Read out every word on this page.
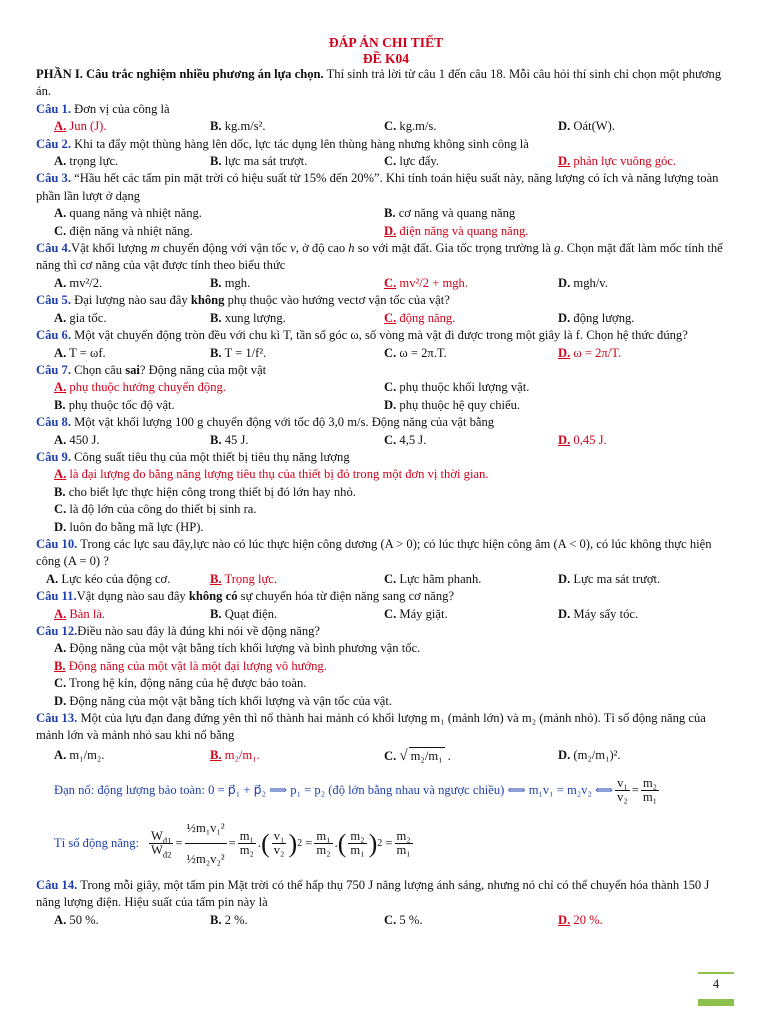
ĐÁP ÁN CHI TIẾT
ĐỀ K04

PHẦN I. Câu trắc nghiệm nhiều phương án lựa chọn. Thí sinh trả lời từ câu 1 đến câu 18. Mỗi câu hỏi thí sinh chỉ chọn một phương án.

Câu 1. Đơn vị của công là

A. Jun (J).	B. kg.m/s².	C. kg.m/s.	D. Oát(W).

Câu 2. Khi ta đẩy một thùng hàng lên dốc, lực tác dụng lên thùng hàng nhưng không sinh công là

A. trọng lực.	B. lực ma sát trượt.	C. lực đẩy.	D. phản lực vuông góc.

Câu 3. “Hầu hết các tấm pin mặt trời có hiệu suất từ 15% đến 20%”. Khi tính toán hiệu suất này, năng lượng có ích và năng lượng toàn phần lần lượt ở dạng

A. quang năng và nhiệt năng.	B. cơ năng và quang năng
C. điện năng và nhiệt năng.	D. điện năng và quang năng.

Câu 4.Vật khối lượng m chuyển động với vận tốc v, ở độ cao h so với mặt đất. Gia tốc trọng trường là g. Chọn mặt đất làm mốc tính thế năng thì cơ năng của vật được tính theo biểu thức

A. mv²/2.	B. mgh.	C. mv²/2 + mgh.	D. mgh/v.

Câu 5. Đại lượng nào sau đây không phụ thuộc vào hướng vectơ vận tốc của vật?

A. gia tốc.	B. xung lượng.	C. động năng.	D. động lượng.

Câu 6. Một vật chuyển động tròn đều với chu kì T, tần số góc ω, số vòng mà vật đi được trong một giây là f. Chọn hệ thức đúng?

A. T = ωf.	B. T = 1/f².	C. ω = 2π.T.	D. ω = 2π/T.

Câu 7. Chọn câu sai? Động năng của một vật

A. phụ thuộc hướng chuyển động.	C. phụ thuộc khối lượng vật.
B. phụ thuộc tốc độ vật.	D. phụ thuộc hệ quy chiếu.

Câu 8. Một vật khối lượng 100 g chuyển động với tốc độ 3,0 m/s. Động năng của vật bằng

A. 450 J.	B. 45 J.	C. 4,5 J.	D. 0,45 J.

Câu 9. Công suất tiêu thụ của một thiết bị tiêu thụ năng lượng

A. là đại lượng đo bằng năng lượng tiêu thụ của thiết bị đó trong một đơn vị thời gian.
B. cho biết lực thực hiện công trong thiết bị đó lớn hay nhỏ.
C. là độ lớn của công do thiết bị sinh ra.
D. luôn đo bằng mã lực (HP).

Câu 10. Trong các lực sau đây,lực nào có lúc thực hiện công dương (A > 0); có lúc thực hiện công âm (A < 0), có lúc không thực hiện công (A = 0) ?

A. Lực kéo của động cơ.	B. Trọng lực.	C. Lực hãm phanh.	D. Lực ma sát trượt.

Câu 11.Vật dụng nào sau đây không có sự chuyển hóa từ điện năng sang cơ năng?

A. Bàn là.	B. Quạt điện.	C. Máy giặt.	D. Máy sấy tóc.

Câu 12.Điều nào sau đây là đúng khi nói về động năng?

A. Động năng của một vật bằng tích khối lượng và bình phương vận tốc.
B. Động năng của một vật là một đại lượng vô hướng.
C. Trong hệ kín, động năng của hệ được bảo toàn.
D. Động năng của một vật bằng tích khối lượng và vận tốc của vật.

Câu 13. Một của lựu đạn đang đứng yên thì nổ thành hai mảnh có khối lượng m₁ (mảnh lớn) và m₂ (mảnh nhỏ). Tỉ số động năng của mảnh lớn và mảnh nhỏ sau khi nổ bằng

A. m₁/m₂.	B. m₂/m₁.	C. √m₂/m₁ .	D. (m₂/m₁)².
Đạn nổ: động lượng bảo toàn: 0 = p⃗₁ + p⃗₂ ⟹ p₁ = p₂ (độ lớn bằng nhau và ngược chiều) ⟺ m₁v₁ = m₂v₂ ⟺ $\frac{\text{v₁}}{\text{v₂}} = \frac{\text{m₂}}{\text{m₁}}$
Tỉ số động năng: $\frac{W_{đ1}}{W_{đ2}} = \frac{\text{½m₁v₁²}}{\text{½m₂v₂²}} = \frac{\text{m₁}}{\text{m₂}}$ . ( $\frac{\text{v₁}}{\text{v₂}}$ ) $2 = \frac{\text{m₁}}{\text{m₂}}$ . ( $\frac{\text{m₂}}{\text{m₁}}$ ) $2 = \frac{\text{m₂}}{\text{m₁}}$

Câu 14. Trong mỗi giây, một tấm pin Mặt trời có thể hấp thụ 750 J năng lượng ánh sáng, nhưng nó chỉ có thể chuyển hóa thành 150 J năng lượng điện. Hiệu suất của tấm pin này là

A. 50 %.	B. 2 %.	C. 5 %.	D. 20 %.
4
